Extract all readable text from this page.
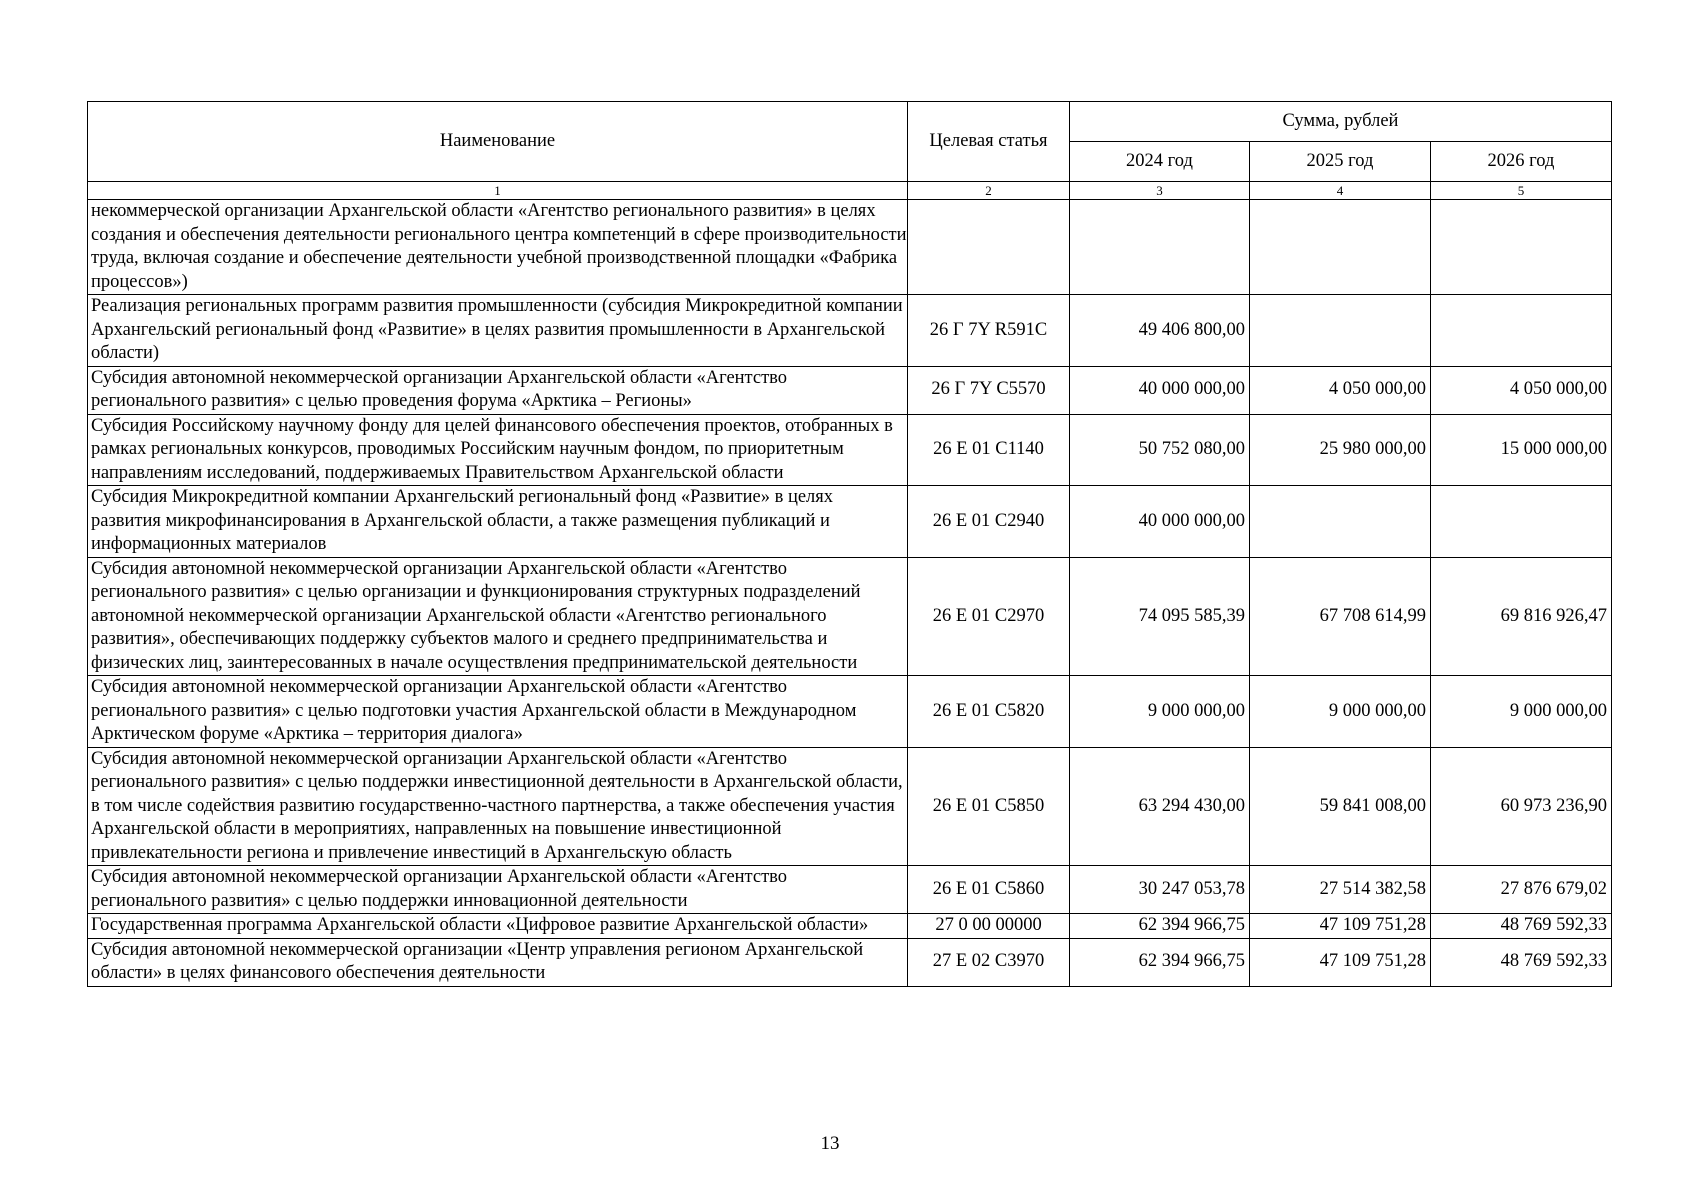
Наименование	Целевая статья	Сумма, рублей		
		2024 год	2025 год	2026 год
1	2	3	4	5
некоммерческой организации Архангельской области «Агентство регионального развития» в целях создания и обеспечения деятельности регионального центра компетенций в сфере производительности труда, включая создание и обеспечение деятельности учебной производственной площадки «Фабрика процессов»)				
Реализация региональных программ развития промышленности (субсидия Микрокредитной компании Архангельский региональный фонд «Развитие» в целях развития промышленности в Архангельской области)	26 Г 7Y R591C	49 406 800,00		
Субсидия автономной некоммерческой организации Архангельской области «Агентство регионального развития» с целью проведения форума «Арктика – Регионы»	26 Г 7Y C5570	40 000 000,00	4 050 000,00	4 050 000,00
Субсидия Российскому научному фонду для целей финансового обеспечения проектов, отобранных в рамках региональных конкурсов, проводимых Российским научным фондом, по приоритетным направлениям исследований, поддерживаемых Правительством Архангельской области	26 Е 01 C1140	50 752 080,00	25 980 000,00	15 000 000,00
Субсидия Микрокредитной компании Архангельский региональный фонд «Развитие» в целях развития микрофинансирования в Архангельской области, а также размещения публикаций и информационных материалов	26 Е 01 C2940	40 000 000,00		
Субсидия автономной некоммерческой организации Архангельской области «Агентство регионального развития» с целью организации и функционирования структурных подразделений автономной некоммерческой организации Архангельской области «Агентство регионального развития», обеспечивающих поддержку субъектов малого и среднего предпринимательства и физических лиц, заинтересованных в начале осуществления предпринимательской деятельности	26 Е 01 C2970	74 095 585,39	67 708 614,99	69 816 926,47
Субсидия автономной некоммерческой организации Архангельской области «Агентство регионального развития» с целью подготовки участия Архангельской области в Международном Арктическом форуме «Арктика – территория диалога»	26 Е 01 C5820	9 000 000,00	9 000 000,00	9 000 000,00
Субсидия автономной некоммерческой организации Архангельской области «Агентство регионального развития» с целью поддержки инвестиционной деятельности в Архангельской области, в том числе содействия развитию государственно-частного партнерства, а также обеспечения участия Архангельской области в мероприятиях, направленных на повышение инвестиционной привлекательности региона и привлечение инвестиций в Архангельскую область	26 Е 01 C5850	63 294 430,00	59 841 008,00	60 973 236,90
Субсидия автономной некоммерческой организации Архангельской области «Агентство регионального развития» с целью поддержки инновационной деятельности	26 Е 01 C5860	30 247 053,78	27 514 382,58	27 876 679,02
Государственная программа Архангельской области «Цифровое развитие Архангельской области»	27 0 00 00000	62 394 966,75	47 109 751,28	48 769 592,33
Субсидия автономной некоммерческой организации «Центр управления регионом Архангельской области» в целях финансового обеспечения деятельности	27 Е 02 C3970	62 394 966,75	47 109 751,28	48 769 592,33
13
